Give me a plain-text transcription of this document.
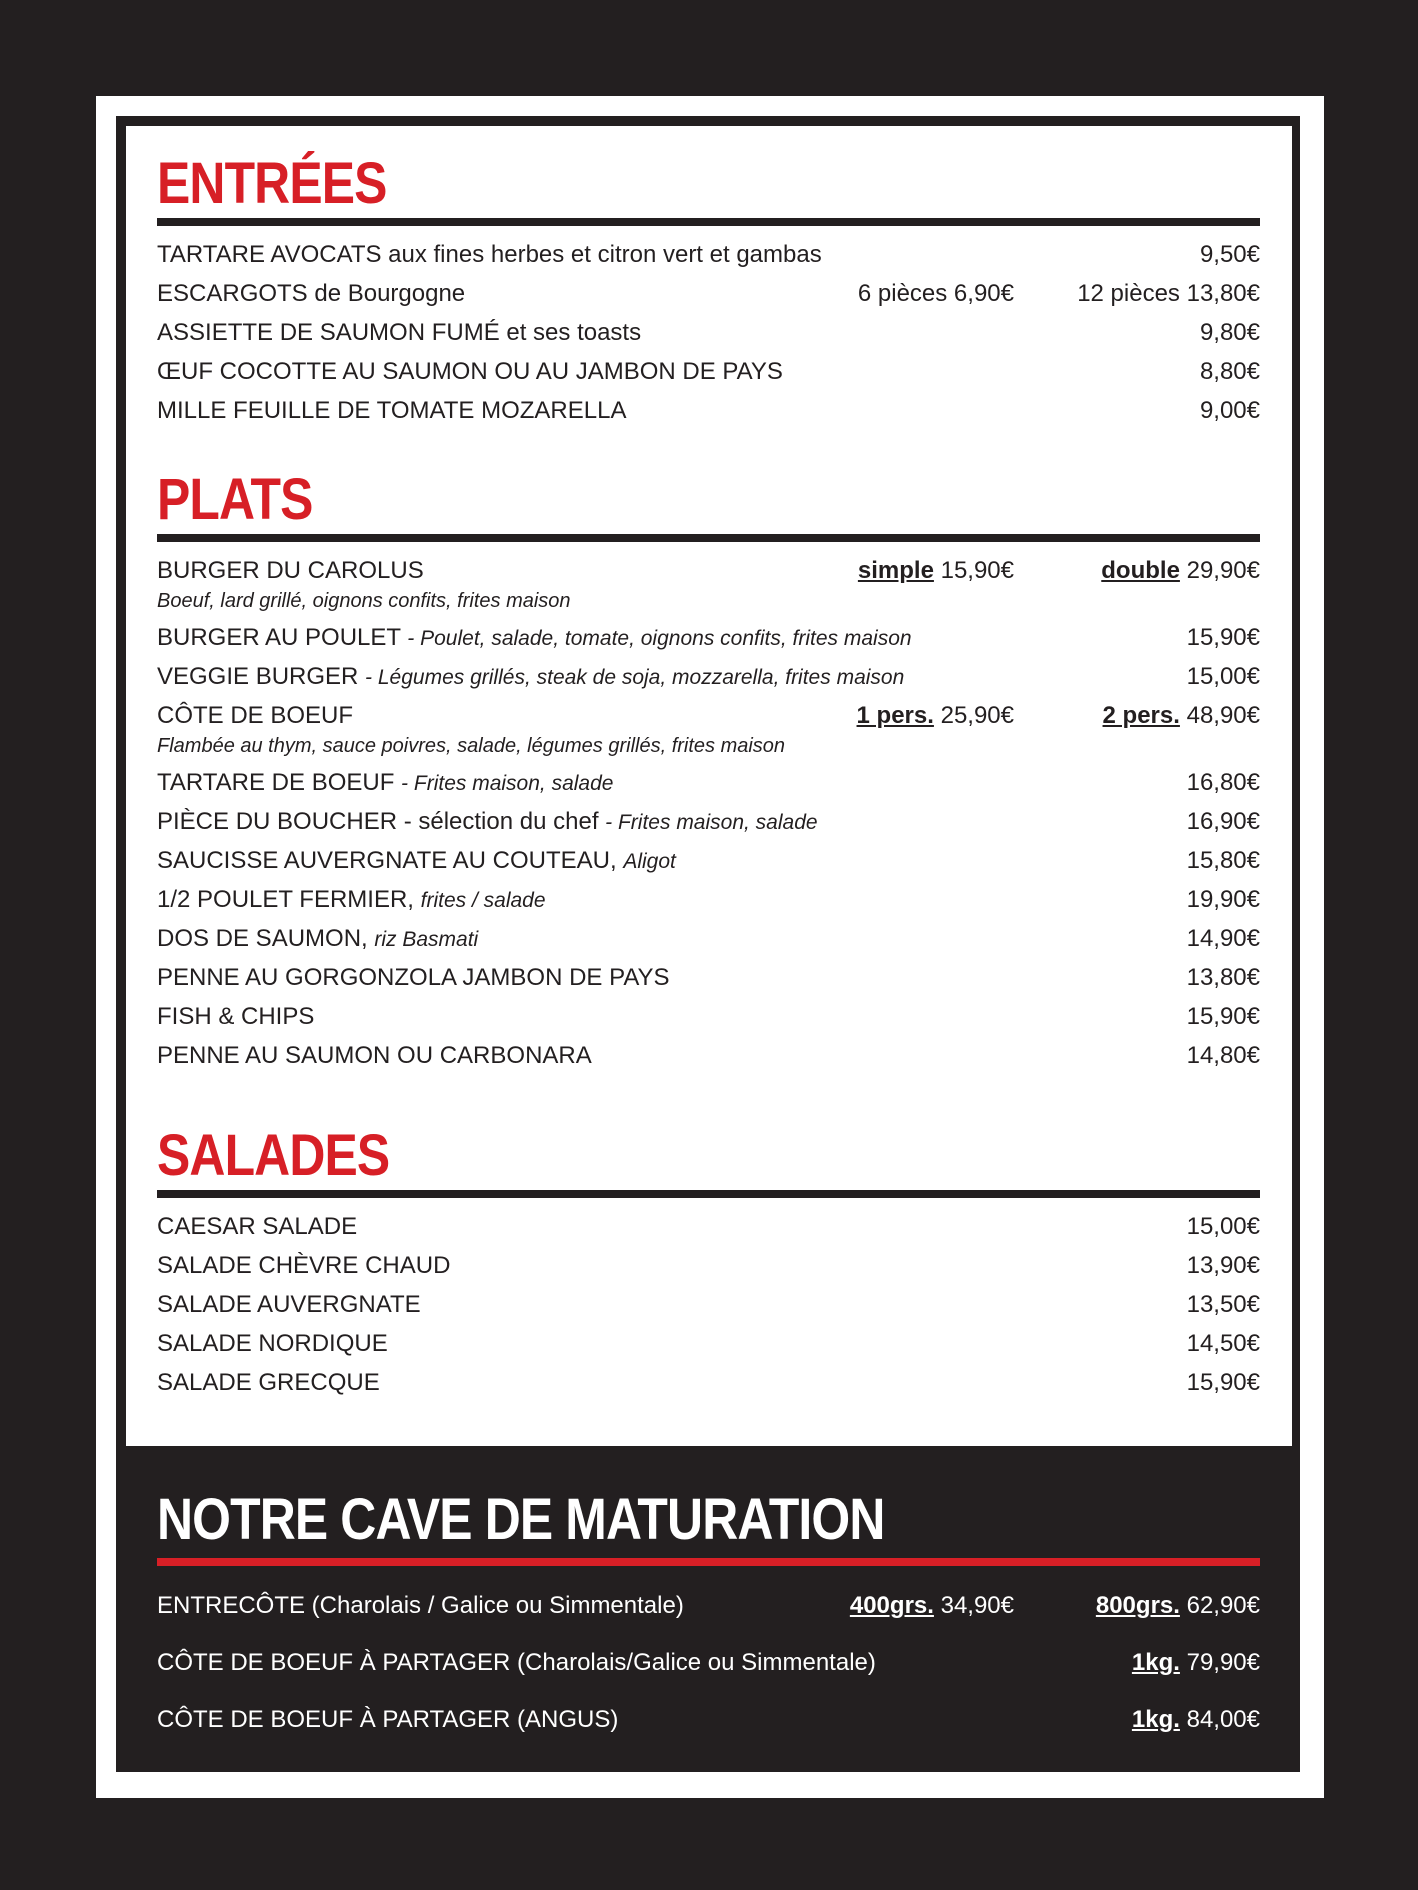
ENTRÉES
TARTARE AVOCATS aux fines herbes et citron vert et gambas	9,50€
ESCARGOTS de Bourgogne	6 pièces 6,90€	12 pièces 13,80€
ASSIETTE DE SAUMON FUMÉ et ses toasts	9,80€
ŒUF COCOTTE AU SAUMON OU AU JAMBON DE PAYS	8,80€
MILLE FEUILLE DE TOMATE MOZARELLA	9,00€
PLATS
BURGER DU CAROLUS
Boeuf, lard grillé, oignons confits, frites maison
simple 15,90€	double 29,90€
BURGER AU POULET - Poulet, salade, tomate, oignons confits, frites maison	15,90€
VEGGIE BURGER - Légumes grillés, steak de soja, mozzarella, frites maison	15,00€
CÔTE DE BOEUF
Flambée au thym, sauce poivres, salade, légumes grillés, frites maison
1 pers. 25,90€	2 pers. 48,90€
TARTARE DE BOEUF - Frites maison, salade	16,80€
PIÈCE DU BOUCHER - sélection du chef - Frites maison, salade	16,90€
SAUCISSE AUVERGNATE AU COUTEAU, Aligot	15,80€
1/2 POULET FERMIER, frites / salade	19,90€
DOS DE SAUMON, riz Basmati	14,90€
PENNE AU GORGONZOLA JAMBON DE PAYS	13,80€
FISH & CHIPS	15,90€
PENNE AU SAUMON OU CARBONARA	14,80€
SALADES
CAESAR SALADE	15,00€
SALADE CHÈVRE CHAUD	13,90€
SALADE AUVERGNATE	13,50€
SALADE NORDIQUE	14,50€
SALADE GRECQUE	15,90€
NOTRE CAVE DE MATURATION
ENTRECÔTE (Charolais / Galice ou Simmentale)	400grs. 34,90€	800grs. 62,90€
CÔTE DE BOEUF À PARTAGER (Charolais/Galice ou Simmentale)	1kg. 79,90€
CÔTE DE BOEUF À PARTAGER (ANGUS)	1kg. 84,00€
